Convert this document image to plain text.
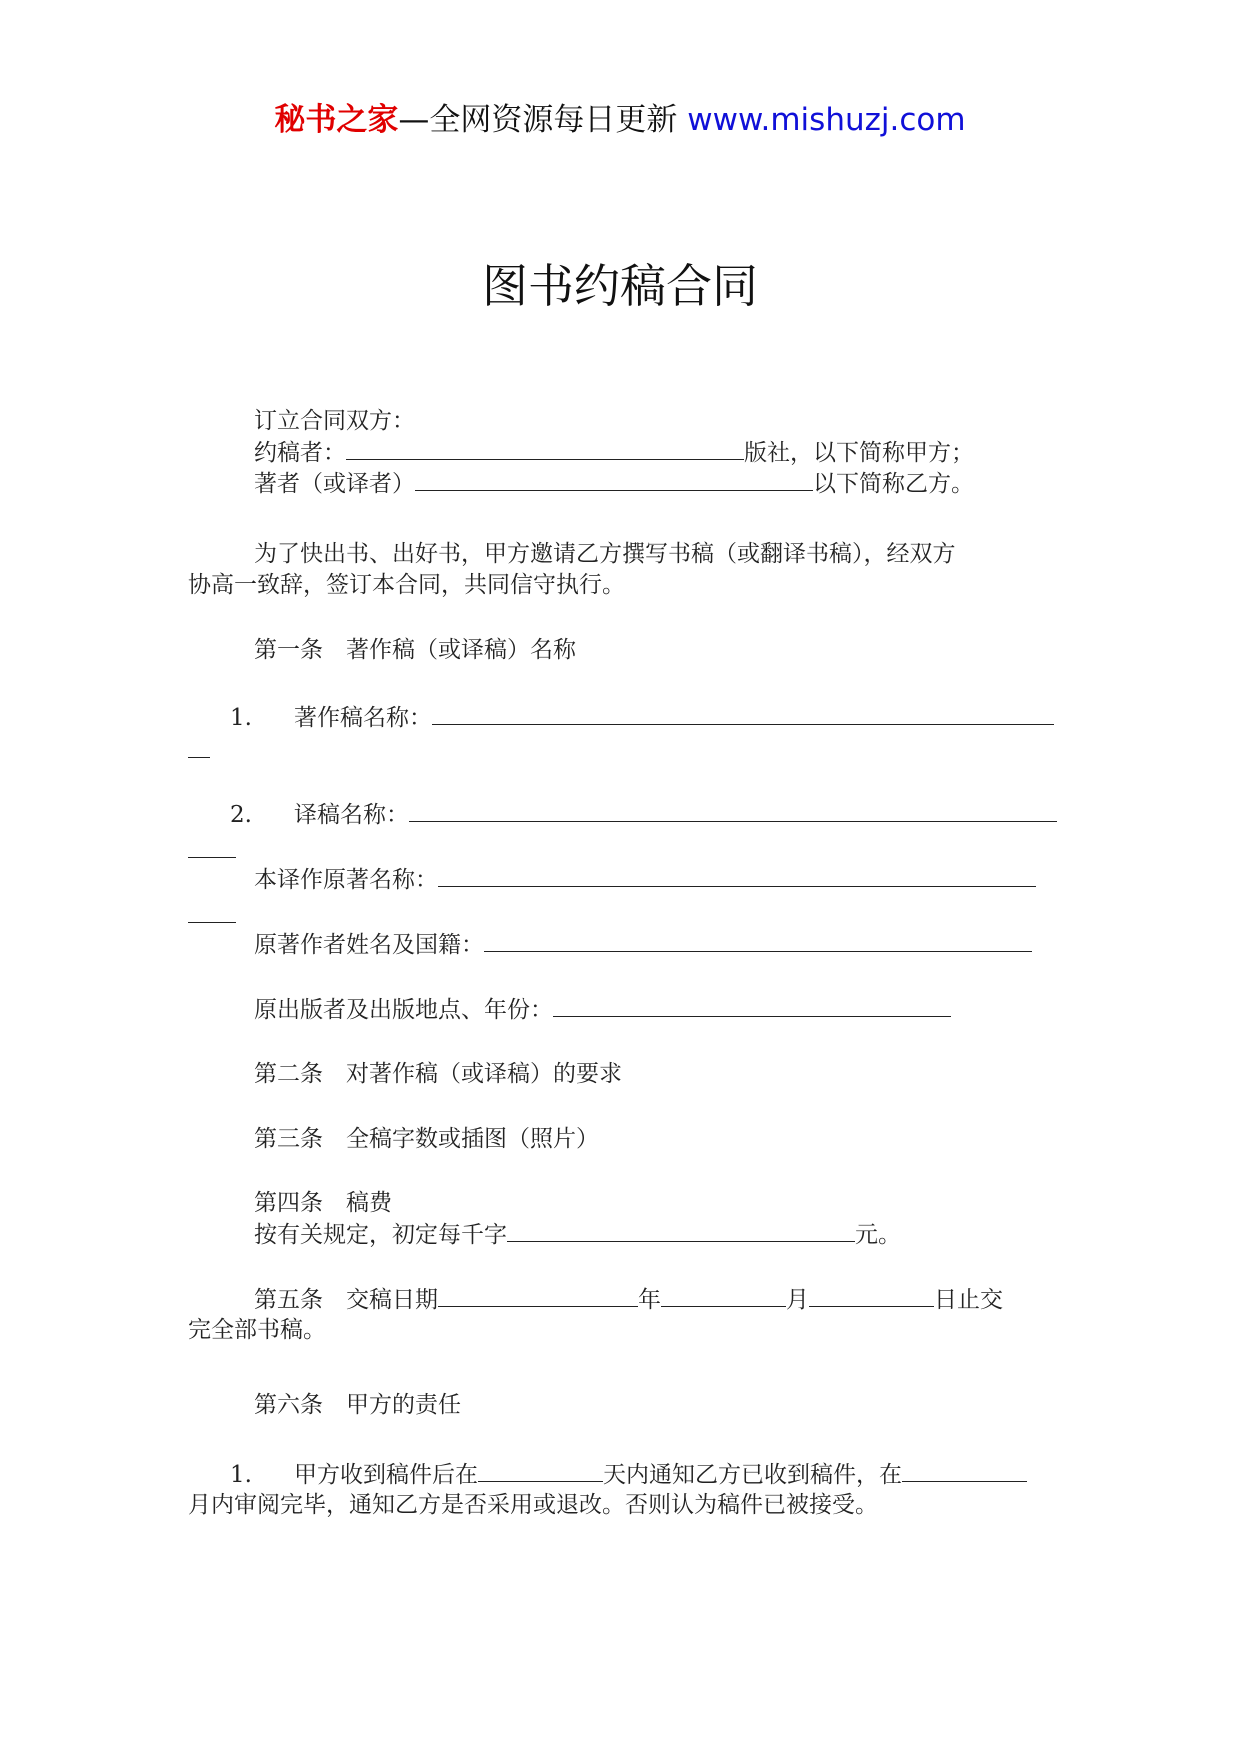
秘书之家—全网资源每日更新 www.mishuzj.com
图书约稿合同
订立合同双方：
约稿者：	版社，以下简称甲方；
著者（或译者）	以下简称乙方。
为了快出书、出好书，甲方邀请乙方撰写书稿（或翻译书稿），经双方
协高一致辞，签订本合同，共同信守执行。
第一条　著作稿（或译稿）名称
1. 著作稿名称：
2. 译稿名称：
本译作原著名称：
原著作者姓名及国籍：
原出版者及出版地点、年份：
第二条　对著作稿（或译稿）的要求
第三条　全稿字数或插图（照片）
第四条　稿费
按有关规定，初定每千字	元。
第五条　交稿日期	年	月	日止交
完全部书稿。
第六条　甲方的责任
1. 甲方收到稿件后在	天内通知乙方已收到稿件，在
月内审阅完毕，通知乙方是否采用或退改。否则认为稿件已被接受。
